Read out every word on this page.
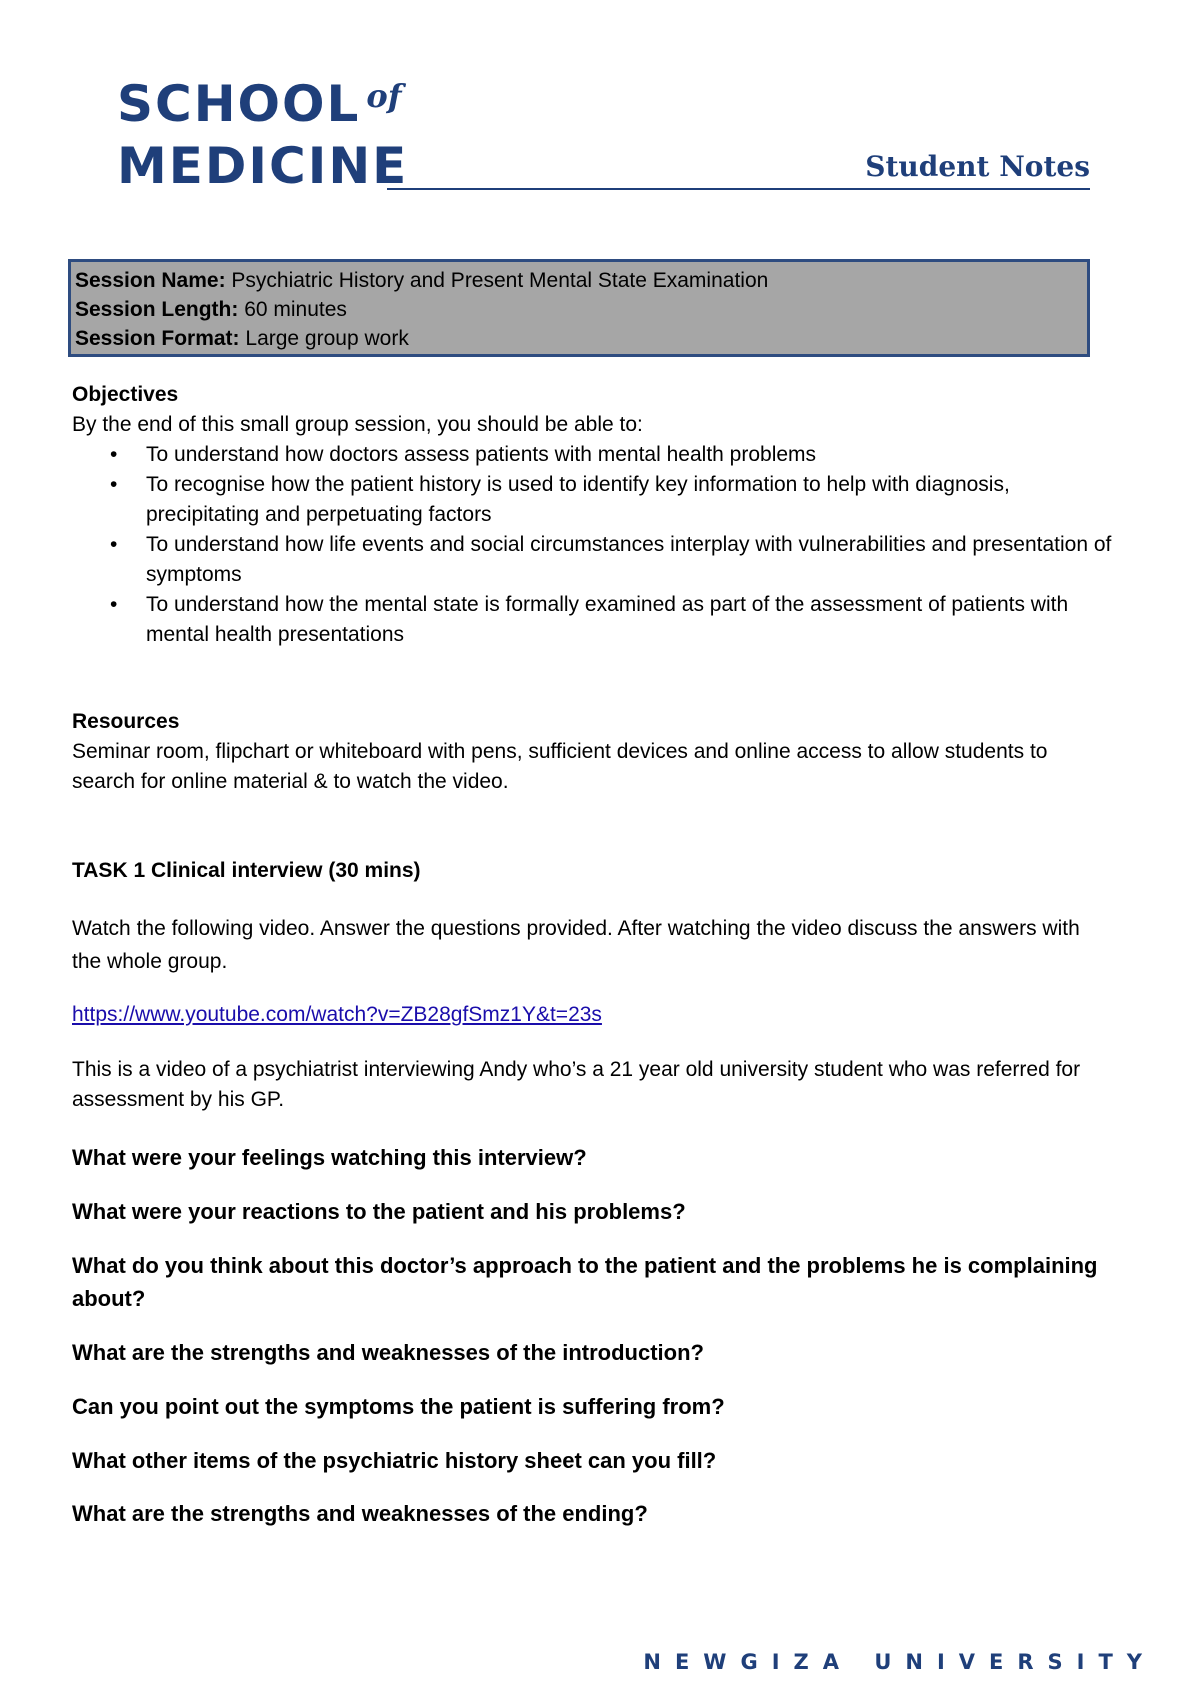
SCHOOL $^{of}$
MEDICINE	Student Notes
Session Name: Psychiatric History and Present Mental State Examination
Session Length: 60 minutes
Session Format: Large group work
Objectives
By the end of this small group session, you should be able to:
• To understand how doctors assess patients with mental health problems
• To recognise how the patient history is used to identify key information to help with diagnosis, precipitating and perpetuating factors
• To understand how life events and social circumstances interplay with vulnerabilities and presentation of symptoms
• To understand how the mental state is formally examined as part of the assessment of patients with mental health presentations
Resources
Seminar room, flipchart or whiteboard with pens, sufficient devices and online access to allow students to search for online material & to watch the video.
TASK 1 Clinical interview (30 mins)
Watch the following video. Answer the questions provided. After watching the video discuss the answers with the whole group.
https://www.youtube.com/watch?v=ZB28gfSmz1Y&t=23s
This is a video of a psychiatrist interviewing Andy who’s a 21 year old university student who was referred for assessment by his GP.
What were your feelings watching this interview?
What were your reactions to the patient and his problems?
What do you think about this doctor’s approach to the patient and the problems he is complaining about?
What are the strengths and weaknesses of the introduction?
Can you point out the symptoms the patient is suffering from?
What other items of the psychiatric history sheet can you fill?
What are the strengths and weaknesses of the ending?
NEWGIZA UNIVERSITY
